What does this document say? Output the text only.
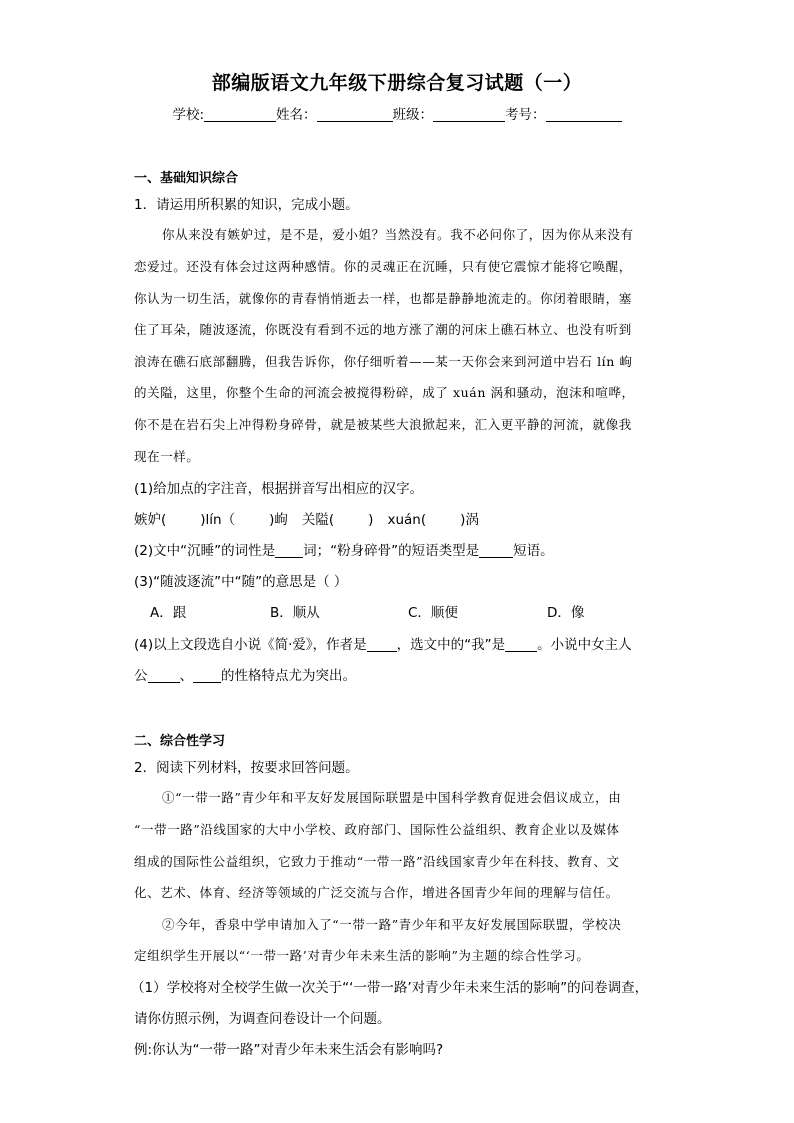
部编版语文九年级下册综合复习试题（一）
学校:	姓名：	班级：	考号：
一、基础知识综合
1．请运用所积累的知识，完成小题。
你从来没有嫉妒过，是不是，爱小姐？当然没有。我不必问你了，因为你从来没有
恋爱过。还没有体会过这两种感情。你的灵魂正在沉睡，只有使它震惊才能将它唤醒，
你认为一切生活，就像你的青春悄悄逝去一样，也都是静静地流走的。你闭着眼睛，塞
住了耳朵，随波逐流，你既没有看到不远的地方涨了潮的河床上礁石林立、也没有听到
浪涛在礁石底部翻腾，但我告诉你，你仔细听着——某一天你会来到河道中岩石 lín 岣
的关隘，这里，你整个生命的河流会被搅得粉碎，成了 xuán 涡和骚动，泡沫和喧哗，
你不是在岩石尖上冲得粉身碎骨，就是被某些大浪掀起来，汇入更平静的河流，就像我
现在一样。
(1)给加点的字注音，根据拼音写出相应的汉字。
嫉妒(	)lín（	)岣 关隘(	) xuán(	)涡
(2)文中“沉睡”的词性是 词；“粉身碎骨”的短语类型是	短语。
(3)“随波逐流”中“随”的意思是（ ）
A．跟	B．顺从	C．顺便	D．像
(4)以上文段选自小说《简·爱》，作者是 ，选文中的“我”是 。小说中女主人
公 、 的性格特点尤为突出。
二、综合性学习
2．阅读下列材料，按要求回答问题。
①“一带一路”青少年和平友好发展国际联盟是中国科学教育促进会倡议成立，由
“一带一路”沿线国家的大中小学校、政府部门、国际性公益组织、教育企业以及媒体
组成的国际性公益组织，它致力于推动“一带一路”沿线国家青少年在科技、教育、文
化、艺术、体育、经济等领域的广泛交流与合作，增进各国青少年间的理解与信任。
②今年，香泉中学申请加入了“一带一路”青少年和平友好发展国际联盟，学校决
定组织学生开展以“‘一带一路’对青少年未来生活的影响”为主题的综合性学习。
（1）学校将对全校学生做一次关于“‘一带一路’对青少年未来生活的影响”的问卷调查，
请你仿照示例，为调查问卷设计一个问题。
例:你认为“一带一路”对青少年未来生活会有影响吗?
